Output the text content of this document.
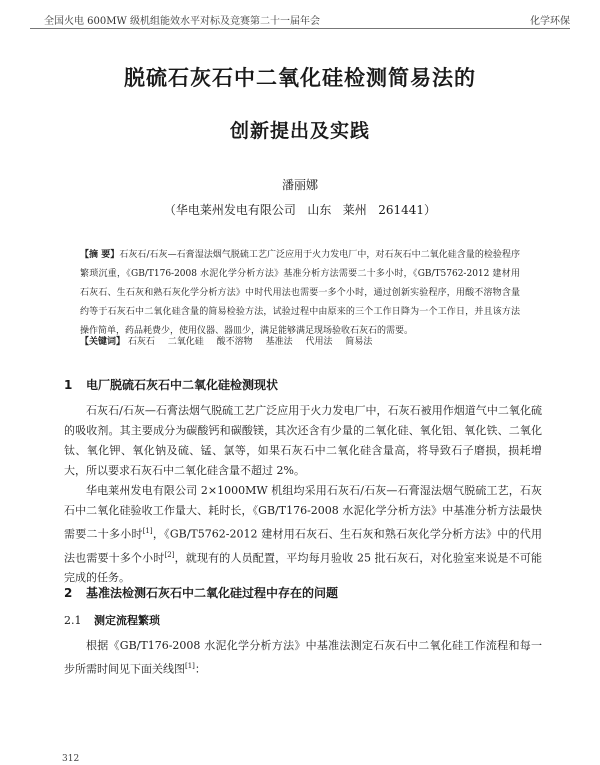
全国火电 600MW 级机组能效水平对标及竞赛第二十一届年会	化学环保
脱硫石灰石中二氧化硅检测简易法的
创新提出及实践
潘丽娜
（华电莱州发电有限公司   山东   莱州   261441）
【摘 要】石灰石/石灰—石膏湿法烟气脱硫工艺广泛应用于火力发电厂中，对石灰石中二氧化硅含量的检验程序繁琐沉重，《GB/T176-2008 水泥化学分析方法》基准分析方法需要二十多小时，《GB/T5762-2012 建材用石灰石、生石灰和熟石灰化学分析方法》中时代用法也需要一多个小时，通过创新实验程序，用酸不溶物含量约等于石灰石中二氧化硅含量的简易检验方法，试验过程中由原来的三个工作日降为一个工作日，并且该方法操作简单，药品耗费少，使用仪器、器皿少，满足能够满足现场验收石灰石的需要。
【关键词】 石灰石 二氧化硅 酸不溶物 基准法 代用法 简易法
1 电厂脱硫石灰石中二氧化硅检测现状
石灰石/石灰—石膏法烟气脱硫工艺广泛应用于火力发电厂中，石灰石被用作烟道气中二氧化硫的吸收剂。其主要成分为碳酸钙和碳酸镁，其次还含有少量的二氧化硅、氧化铝、氧化铁、二氧化钛、氧化钾、氧化钠及硫、锰、氯等，如果石灰石中二氧化硅含量高，将导致石子磨损，损耗增大，所以要求石灰石中二氧化硅含量不超过 2%。
华电莱州发电有限公司 2×1000MW 机组均采用石灰石/石灰—石膏湿法烟气脱硫工艺，石灰石中二氧化硅验收工作量大、耗时长，《GB/T176-2008 水泥化学分析方法》中基准分析方法最快需要二十多小时[1]，《GB/T5762-2012 建材用石灰石、生石灰和熟石灰化学分析方法》中的代用法也需要十多个小时[2]，就现有的人员配置，平均每月验收 25 批石灰石，对化验室来说是不可能完成的任务。
2 基准法检测石灰石中二氧化硅过程中存在的问题
2.1 测定流程繁琐
根据《GB/T176-2008 水泥化学分析方法》中基准法测定石灰石中二氧化硅工作流程和每一步所需时间见下面关线图[1]：
312
